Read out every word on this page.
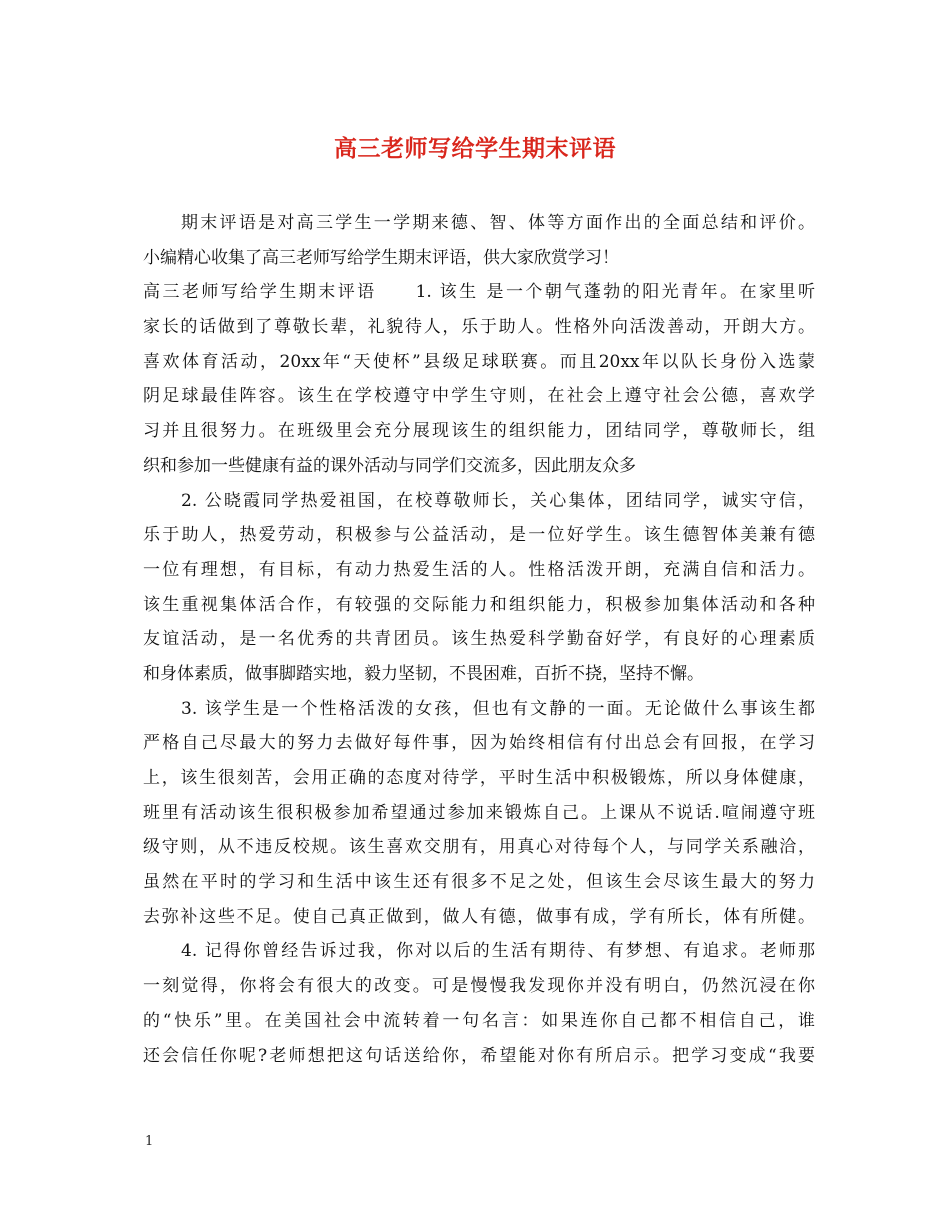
高三老师写给学生期末评语
期末评语是对高三学生一学期来德、智、体等方面作出的全面总结和评价。
小编精心收集了高三老师写给学生期末评语，供大家欣赏学习！
高三老师写给学生期末评语　　1. 该生 是一个朝气蓬勃的阳光青年。在家里听
家长的话做到了尊敬长辈，礼貌待人，乐于助人。性格外向活泼善动，开朗大方。
喜欢体育活动，20xx年“天使杯”县级足球联赛。而且20xx年以队长身份入选蒙
阴足球最佳阵容。该生在学校遵守中学生守则，在社会上遵守社会公德，喜欢学
习并且很努力。在班级里会充分展现该生的组织能力，团结同学，尊敬师长，组
织和参加一些健康有益的课外活动与同学们交流多，因此朋友众多
2. 公晓霞同学热爱祖国，在校尊敬师长，关心集体，团结同学，诚实守信，
乐于助人，热爱劳动，积极参与公益活动，是一位好学生。该生德智体美兼有德
一位有理想，有目标，有动力热爱生活的人。性格活泼开朗，充满自信和活力。
该生重视集体活合作，有较强的交际能力和组织能力，积极参加集体活动和各种
友谊活动，是一名优秀的共青团员。该生热爱科学勤奋好学，有良好的心理素质
和身体素质，做事脚踏实地，毅力坚韧，不畏困难，百折不挠，坚持不懈。
3. 该学生是一个性格活泼的女孩，但也有文静的一面。无论做什么事该生都
严格自己尽最大的努力去做好每件事，因为始终相信有付出总会有回报，在学习
上，该生很刻苦，会用正确的态度对待学，平时生活中积极锻炼，所以身体健康，
班里有活动该生很积极参加希望通过参加来锻炼自己。上课从不说话.喧闹遵守班
级守则，从不违反校规。该生喜欢交朋有，用真心对待每个人，与同学关系融洽，
虽然在平时的学习和生活中该生还有很多不足之处，但该生会尽该生最大的努力
去弥补这些不足。使自己真正做到，做人有德，做事有成，学有所长，体有所健。
4. 记得你曾经告诉过我，你对以后的生活有期待、有梦想、有追求。老师那
一刻觉得，你将会有很大的改变。可是慢慢我发现你并没有明白，仍然沉浸在你
的“快乐”里。在美国社会中流转着一句名言：如果连你自己都不相信自己，谁
还会信任你呢?老师想把这句话送给你，希望能对你有所启示。把学习变成“我要

1
